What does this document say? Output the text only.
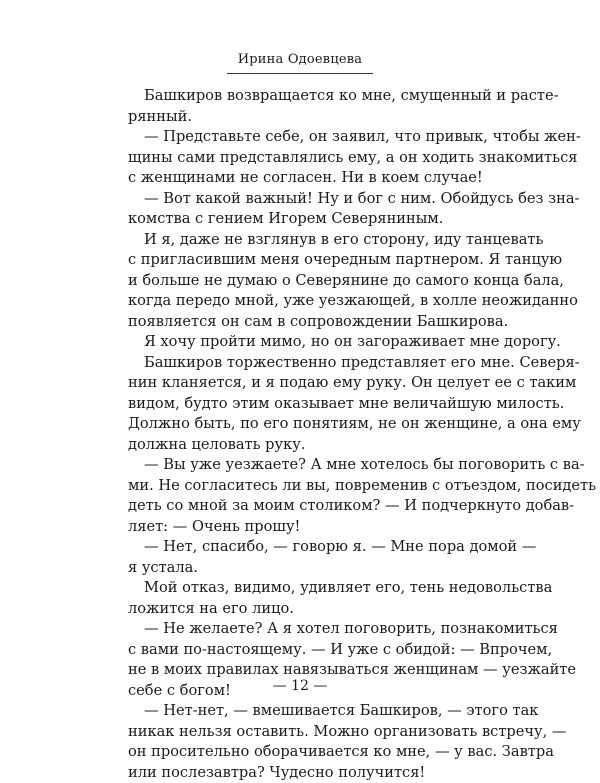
Ирина Одоевцева
Башкиров возвращается ко мне, смущенный и расте-
рянный.
— Представьте себе, он заявил, что привык, чтобы жен-
щины сами представлялись ему, а он ходить знакомиться
с женщинами не согласен. Ни в коем случае!
— Вот какой важный! Ну и бог с ним. Обойдусь без зна-
комства с гением Игорем Северяниным.
И я, даже не взглянув в его сторону, иду танцевать
с пригласившим меня очередным партнером. Я танцую
и больше не думаю о Северянине до самого конца бала,
когда передо мной, уже уезжающей, в холле неожиданно
появляется он сам в сопровождении Башкирова.
Я хочу пройти мимо, но он загораживает мне дорогу.
Башкиров торжественно представляет его мне. Северя-
нин кланяется, и я подаю ему руку. Он целует ее с таким
видом, будто этим оказывает мне величайшую милость.
Должно быть, по его понятиям, не он женщине, а она ему
должна целовать руку.
— Вы уже уезжаете? А мне хотелось бы поговорить с ва-
ми. Не согласитесь ли вы, повременив с отъездом, посидеть
деть со мной за моим столиком? — И подчеркнуто добав-
ляет: — Очень прошу!
— Нет, спасибо, — говорю я. — Мне пора домой —
я устала.
Мой отказ, видимо, удивляет его, тень недовольства
ложится на его лицо.
— Не желаете? А я хотел поговорить, познакомиться
с вами по-настоящему. — И уже с обидой: — Впрочем,
не в моих правилах навязываться женщинам — уезжайте
себе с богом!
— Нет-нет, — вмешивается Башкиров, — этого так
никак нельзя оставить. Можно организовать встречу, —
он просительно оборачивается ко мне, — у вас. Завтра
или послезавтра? Чудесно получится!
— 12 —
